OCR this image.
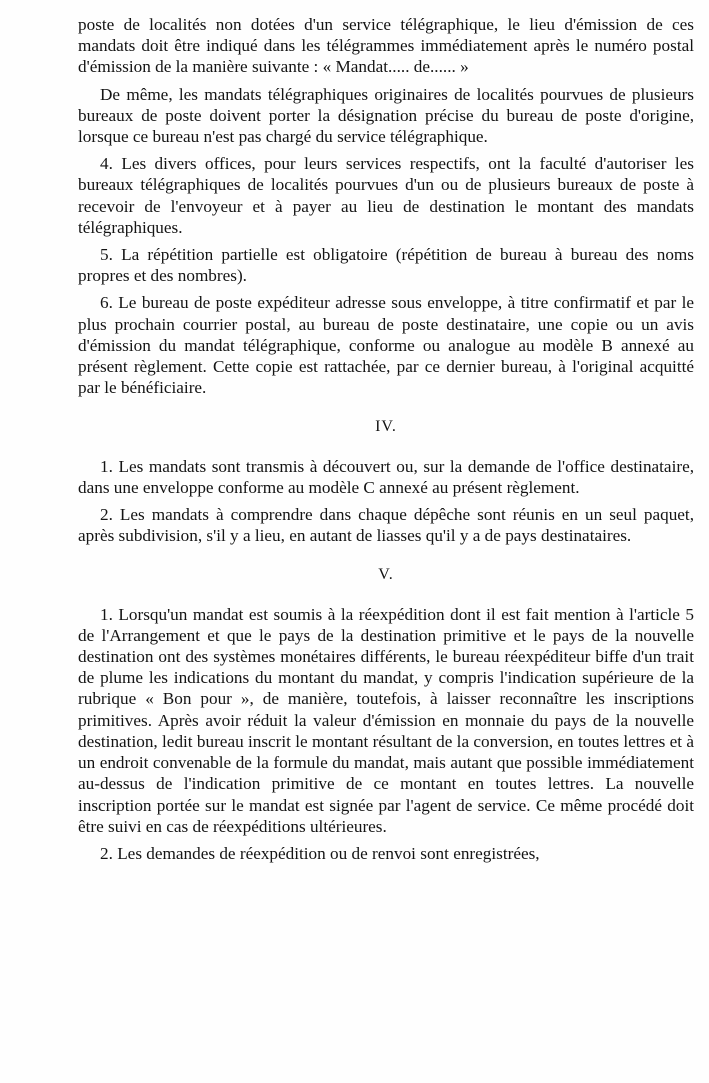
poste de localités non dotées d'un service télégraphique, le lieu d'émission de ces mandats doit être indiqué dans les télégrammes immédiatement après le numéro postal d'émission de la manière suivante : « Mandat..... de...... »

De même, les mandats télégraphiques originaires de localités pourvues de plusieurs bureaux de poste doivent porter la désignation précise du bureau de poste d'origine, lorsque ce bureau n'est pas chargé du service télégraphique.

4. Les divers offices, pour leurs services respectifs, ont la faculté d'autoriser les bureaux télégraphiques de localités pourvues d'un ou de plusieurs bureaux de poste à recevoir de l'envoyeur et à payer au lieu de destination le montant des mandats télégraphiques.

5. La répétition partielle est obligatoire (répétition de bureau à bureau des noms propres et des nombres).

6. Le bureau de poste expéditeur adresse sous enveloppe, à titre confirmatif et par le plus prochain courrier postal, au bureau de poste destinataire, une copie ou un avis d'émission du mandat télégraphique, conforme ou analogue au modèle B annexé au présent règlement. Cette copie est rattachée, par ce dernier bureau, à l'original acquitté par le bénéficiaire.

IV.

1. Les mandats sont transmis à découvert ou, sur la demande de l'office destinataire, dans une enveloppe conforme au modèle C annexé au présent règlement.

2. Les mandats à comprendre dans chaque dépêche sont réunis en un seul paquet, après subdivision, s'il y a lieu, en autant de liasses qu'il y a de pays destinataires.

V.

1. Lorsqu'un mandat est soumis à la réexpédition dont il est fait mention à l'article 5 de l'Arrangement et que le pays de la destination primitive et le pays de la nouvelle destination ont des systèmes monétaires différents, le bureau réexpéditeur biffe d'un trait de plume les indications du montant du mandat, y compris l'indication supérieure de la rubrique « Bon pour », de manière, toutefois, à laisser reconnaître les inscriptions primitives. Après avoir réduit la valeur d'émission en monnaie du pays de la nouvelle destination, ledit bureau inscrit le montant résultant de la conversion, en toutes lettres et à un endroit convenable de la formule du mandat, mais autant que possible immédiatement au-dessus de l'indication primitive de ce montant en toutes lettres. La nouvelle inscription portée sur le mandat est signée par l'agent de service. Ce même procédé doit être suivi en cas de réexpéditions ultérieures.

2. Les demandes de réexpédition ou de renvoi sont enregistrées,
